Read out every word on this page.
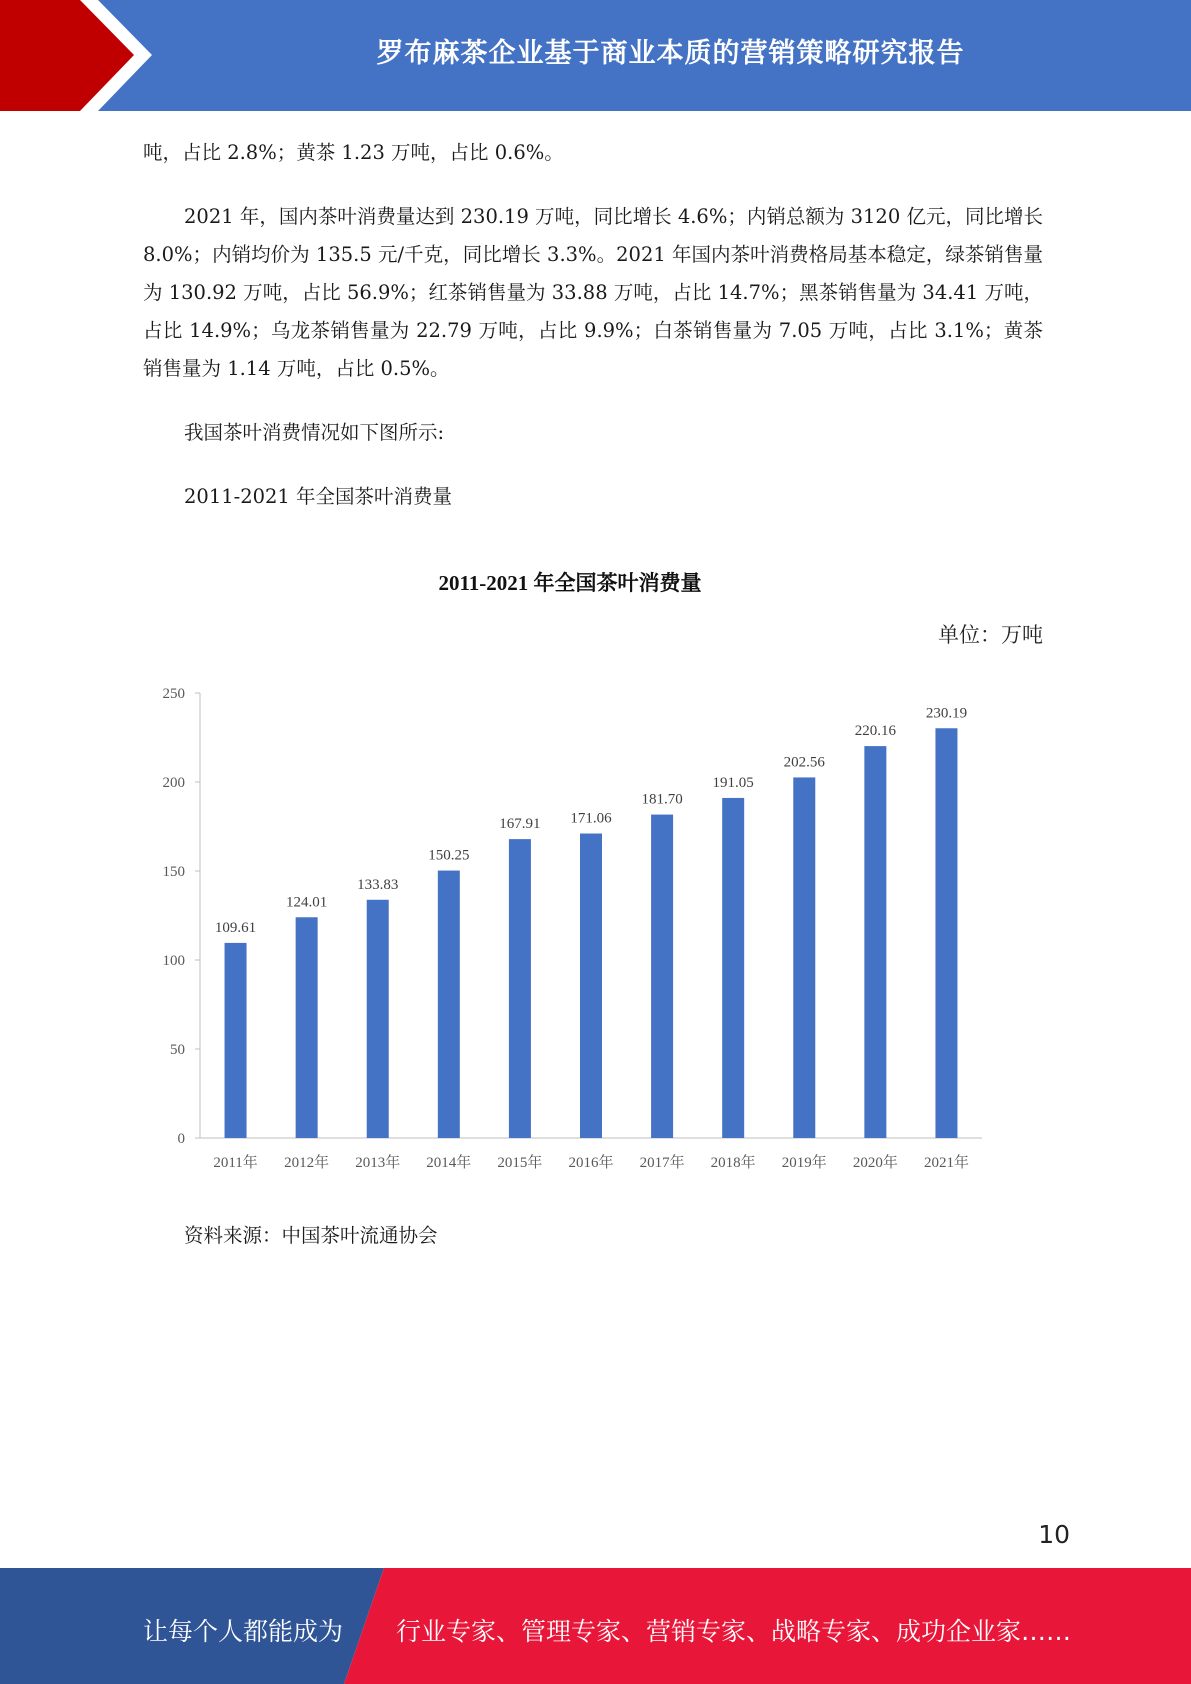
罗布麻茶企业基于商业本质的营销策略研究报告

吨，占比 2.8%；黄茶 1.23 万吨，占比 0.6%。

2021 年，国内茶叶消费量达到 230.19 万吨，同比增长 4.6%；内销总额为 3120 亿元，同比增长 8.0%；内销均价为 135.5 元/千克，同比增长 3.3%。2021 年国内茶叶消费格局基本稳定，绿茶销售量为 130.92 万吨，占比 56.9%；红茶销售量为 33.88 万吨，占比 14.7%；黑茶销售量为 34.41 万吨，占比 14.9%；乌龙茶销售量为 22.79 万吨，占比 9.9%；白茶销售量为 7.05 万吨，占比 3.1%；黄茶销售量为 1.14 万吨，占比 0.5%。

我国茶叶消费情况如下图所示:

2011-2021 年全国茶叶消费量

2011-2021 年全国茶叶消费量
单位：万吨
0
50
100
150
200
250
109.61
2011年
124.01
2012年
133.83
2013年
150.25
2014年
167.91
2015年
171.06
2016年
181.70
2017年
191.05
2018年
202.56
2019年
220.16
2020年
230.19
2021年
资料来源：中国茶叶流通协会
10
让每个人都能成为 行业专家、管理专家、营销专家、战略专家、成功企业家……
